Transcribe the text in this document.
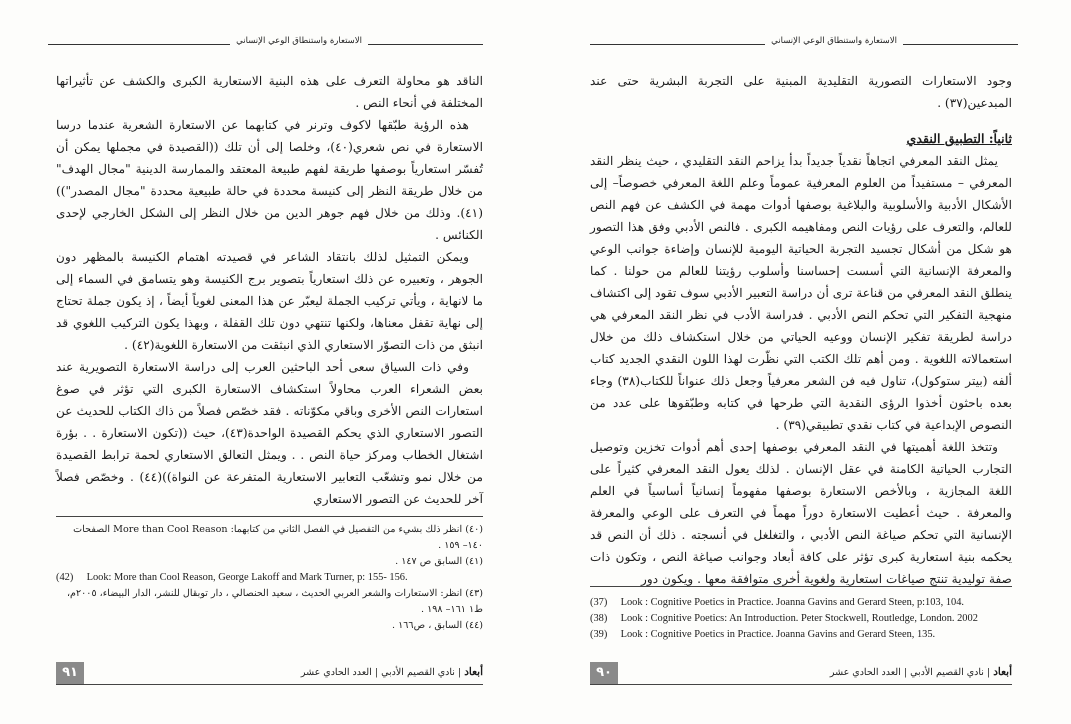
الاستعارة واستنطاق الوعي الإنساني

الناقد هو محاولة التعرف على هذه البنية الاستعارية الكبرى والكشف عن تأثيراتها المختلفة في أنحاء النص .

هذه الرؤية طبّقها لاكوف وترنر في كتابهما عن الاستعارة الشعرية عندما درسا الاستعارة في نص شعري(٤٠)، وخلصا إلى أن تلك ((القصيدة في مجملها يمكن أن تُفسّر استعارياً بوصفها طريقة لفهم طبيعة المعتقد والممارسة الدينية "مجال الهدف" من خلال طريقة النظر إلى كنيسة محددة في حالة طبيعية محددة "مجال المصدر"))(٤١). وذلك من خلال فهم جوهر الدين من خلال النظر إلى الشكل الخارجي لإحدى الكنائس .

ويمكن التمثيل لذلك بانتقاد الشاعر في قصيدته اهتمام الكنيسة بالمظهر دون الجوهر ، وتعبيره عن ذلك استعارياً بتصوير برج الكنيسة وهو يتسامق في السماء إلى ما لانهاية ، ويأتي تركيب الجملة ليعبّر عن هذا المعنى لغوياً أيضاً ، إذ يكون جملة تحتاج إلى نهاية تقفل معناها، ولكنها تنتهي دون تلك القفلة ، وبهذا يكون التركيب اللغوي قد انبثق من ذات التصوّر الاستعاري الذي انبثقت من الاستعارة اللغوية(٤٢) .

وفي ذات السياق سعى أحد الباحثين العرب إلى دراسة الاستعارة التصويرية عند بعض الشعراء العرب محاولاً استكشاف الاستعارة الكبرى التي تؤثر في صوغ استعارات النص الأخرى وباقي مكوّناته . فقد خصّص فصلاً من ذاك الكتاب للحديث عن التصور الاستعاري الذي يحكم القصيدة الواحدة(٤٣)، حيث ((تكون الاستعارة . . بؤرة اشتغال الخطاب ومركز حياة النص . . ويمثل التعالق الاستعاري لحمة ترابط القصيدة من خلال نمو وتشعّب التعابير الاستعارية المتفرعة عن النواة))(٤٤) . وخصّص فصلاً آخر للحديث عن التصور الاستعاري

(٤٠) انظر ذلك بشيء من التفصيل في الفصل الثاني من كتابهما: More than Cool Reason الصفحات ١٤٠– ١٥٩ .
(٤١) السابق ص ١٤٧ .
(42) Look: More than Cool Reason, George Lakoff and Mark Turner, p: 155- 156.
(٤٣) انظر: الاستعارات والشعر العربي الحديث ، سعيد الحنصالي ، دار توبقال للنشر، الدار البيضاء، ٢٠٠٥م، ط١ ١٦١– ١٩٨ .
(٤٤) السابق ، ص١٦٦ .
٩١	أبعاد | نادي القصيم الأدبي | العدد الحادي عشر
الاستعارة واستنطاق الوعي الإنساني

وجود الاستعارات التصورية التقليدية المبنية على التجربة البشرية حتى عند المبدعين(٣٧) .

ثانياً: التطبيق النقدي

يمثل النقد المعرفي اتجاهاً نقدياً جديداً بدأ يزاحم النقد التقليدي ، حيث ينظر النقد المعرفي – مستفيداً من العلوم المعرفية عموماً وعلم اللغة المعرفي خصوصاً– إلى الأشكال الأدبية والأسلوبية والبلاغية بوصفها أدوات مهمة في الكشف عن فهم النص للعالم، والتعرف على رؤيات النص ومفاهيمه الكبرى . فالنص الأدبي وفق هذا التصور هو شكل من أشكال تجسيد التجربة الحياتية اليومية للإنسان وإضاءة جوانب الوعي والمعرفة الإنسانية التي أسست إحساسنا وأسلوب رؤيتنا للعالم من حولنا . كما ينطلق النقد المعرفي من قناعة ترى أن دراسة التعبير الأدبي سوف تقود إلى اكتشاف منهجية التفكير التي تحكم النص الأدبي . فدراسة الأدب في نظر النقد المعرفي هي دراسة لطريقة تفكير الإنسان ووعيه الحياتي من خلال استكشاف ذلك من خلال استعمالاته اللغوية . ومن أهم تلك الكتب التي نظّرت لهذا اللون النقدي الجديد كتاب ألفه (بيتر ستوكول)، تناول فيه فن الشعر معرفياً وجعل ذلك عنواناً للكتاب(٣٨) وجاء بعده باحثون أخذوا الرؤى النقدية التي طرحها في كتابه وطبّقوها على عدد من النصوص الإبداعية في كتاب نقدي تطبيقي(٣٩) .

وتتخذ اللغة أهميتها في النقد المعرفي بوصفها إحدى أهم أدوات تخزين وتوصيل التجارب الحياتية الكامنة في عقل الإنسان . لذلك يعول النقد المعرفي كثيراً على اللغة المجازية ، وبالأخص الاستعارة بوصفها مفهوماً إنسانياً أساسياً في العلم والمعرفة . حيث أعطيت الاستعارة دوراً مهماً في التعرف على الوعي والمعرفة الإنسانية التي تحكم صياغة النص الأدبي ، والتغلغل في أنسجته . ذلك أن النص قد يحكمه بنية استعارية كبرى تؤثر على كافة أبعاد وجوانب صياغة النص ، وتكون ذات صفة توليدية تنتج صياغات استعارية ولغوية أخرى متوافقة معها . ويكون دور

(37) Look : Cognitive Poetics in Practice. Joanna Gavins and Gerard Steen, p:103, 104.
(38) Look : Cognitive Poetics: An Introduction. Peter Stockwell, Routledge, London. 2002
(39) Look : Cognitive Poetics in Practice. Joanna Gavins and Gerard Steen, 135.
٩٠	أبعاد | نادي القصيم الأدبي | العدد الحادي عشر
